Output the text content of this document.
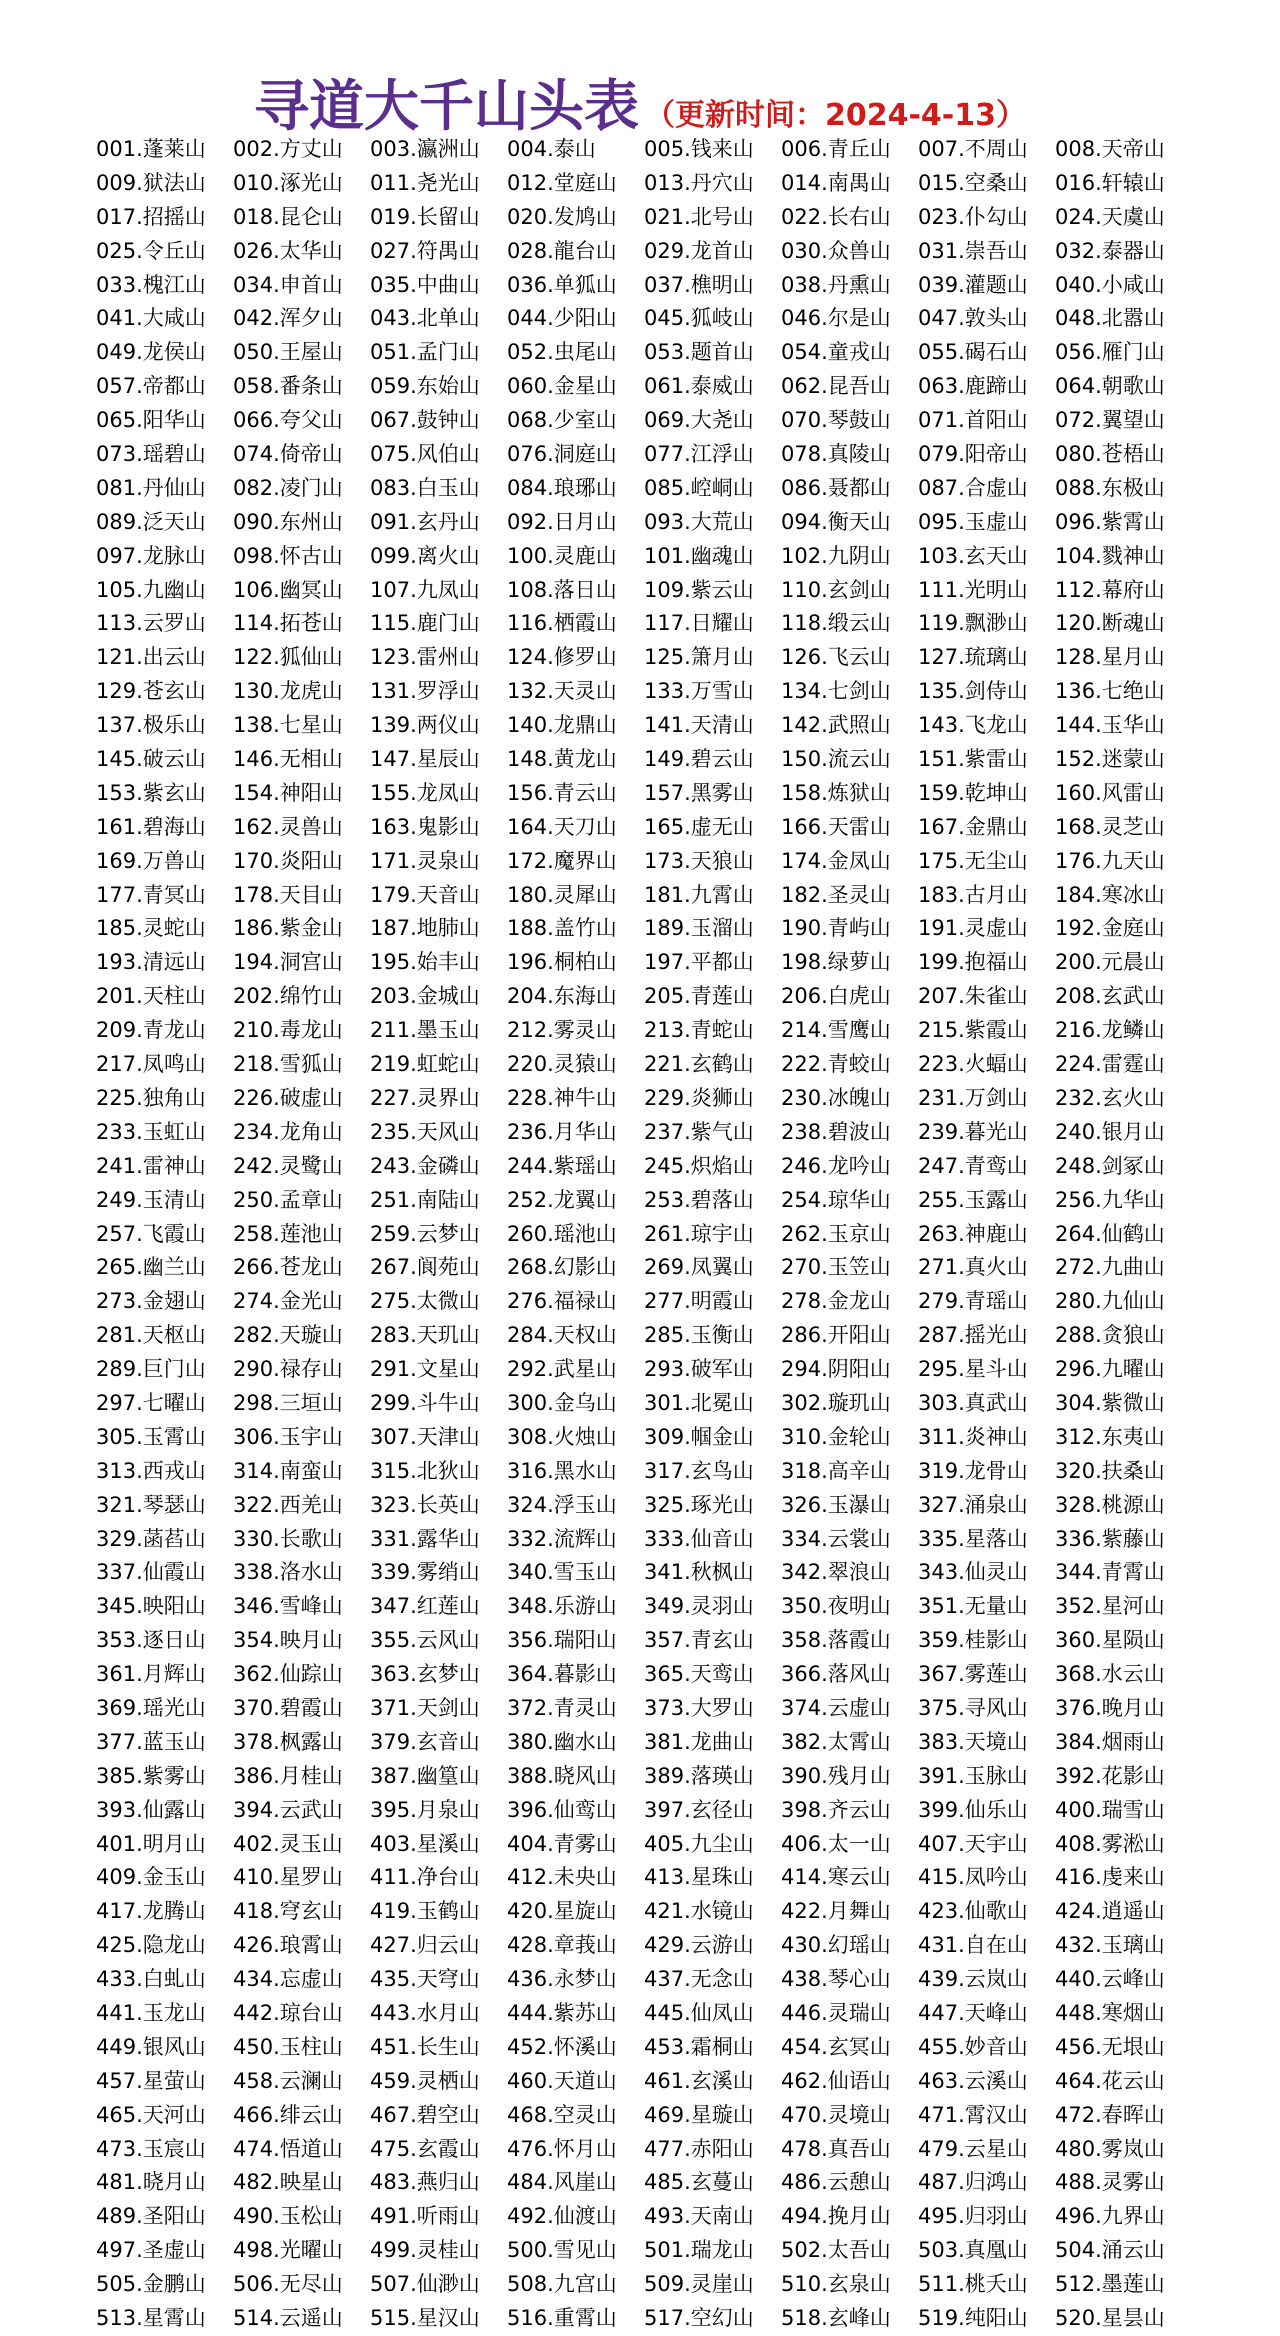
寻道大千山头表 （更新时间：2024-4-13）
001.蓬莱山	002.方丈山	003.瀛洲山	004.泰山	005.钱来山	006.青丘山	007.不周山	008.天帝山
009.狱法山	010.涿光山	011.尧光山	012.堂庭山	013.丹穴山	014.南禺山	015.空桑山	016.轩辕山
017.招摇山	018.昆仑山	019.长留山	020.发鸠山	021.北号山	022.长右山	023.仆勾山	024.天虞山
025.令丘山	026.太华山	027.符禺山	028.龍台山	029.龙首山	030.众兽山	031.崇吾山	032.泰器山
033.槐江山	034.申首山	035.中曲山	036.单狐山	037.樵明山	038.丹熏山	039.灌题山	040.小咸山
041.大咸山	042.浑夕山	043.北单山	044.少阳山	045.狐岐山	046.尔是山	047.敦头山	048.北嚣山
049.龙侯山	050.王屋山	051.孟门山	052.虫尾山	053.题首山	054.童戎山	055.碣石山	056.雁门山
057.帝都山	058.番条山	059.东始山	060.金星山	061.泰威山	062.昆吾山	063.鹿蹄山	064.朝歌山
065.阳华山	066.夸父山	067.鼓钟山	068.少室山	069.大尧山	070.琴鼓山	071.首阳山	072.翼望山
073.瑶碧山	074.倚帝山	075.风伯山	076.洞庭山	077.江浮山	078.真陵山	079.阳帝山	080.苍梧山
081.丹仙山	082.凌门山	083.白玉山	084.琅琊山	085.崆峒山	086.聂都山	087.合虚山	088.东极山
089.泛天山	090.东州山	091.玄丹山	092.日月山	093.大荒山	094.衡天山	095.玉虚山	096.紫霄山
097.龙脉山	098.怀古山	099.离火山	100.灵鹿山	101.幽魂山	102.九阴山	103.玄天山	104.戮神山
105.九幽山	106.幽冥山	107.九凤山	108.落日山	109.紫云山	110.玄剑山	111.光明山	112.幕府山
113.云罗山	114.拓苍山	115.鹿门山	116.栖霞山	117.日耀山	118.缎云山	119.飘渺山	120.断魂山
121.出云山	122.狐仙山	123.雷州山	124.修罗山	125.箫月山	126.飞云山	127.琉璃山	128.星月山
129.苍玄山	130.龙虎山	131.罗浮山	132.天灵山	133.万雪山	134.七剑山	135.剑侍山	136.七绝山
137.极乐山	138.七星山	139.两仪山	140.龙鼎山	141.天清山	142.武照山	143.飞龙山	144.玉华山
145.破云山	146.无相山	147.星辰山	148.黄龙山	149.碧云山	150.流云山	151.紫雷山	152.迷蒙山
153.紫玄山	154.神阳山	155.龙凤山	156.青云山	157.黑雾山	158.炼狱山	159.乾坤山	160.风雷山
161.碧海山	162.灵兽山	163.鬼影山	164.天刀山	165.虚无山	166.天雷山	167.金鼎山	168.灵芝山
169.万兽山	170.炎阳山	171.灵泉山	172.魔界山	173.天狼山	174.金凤山	175.无尘山	176.九天山
177.青冥山	178.天目山	179.天音山	180.灵犀山	181.九霄山	182.圣灵山	183.古月山	184.寒冰山
185.灵蛇山	186.紫金山	187.地肺山	188.盖竹山	189.玉溜山	190.青屿山	191.灵虚山	192.金庭山
193.清远山	194.洞宫山	195.始丰山	196.桐柏山	197.平都山	198.绿萝山	199.抱福山	200.元晨山
201.天柱山	202.绵竹山	203.金城山	204.东海山	205.青莲山	206.白虎山	207.朱雀山	208.玄武山
209.青龙山	210.毒龙山	211.墨玉山	212.雾灵山	213.青蛇山	214.雪鹰山	215.紫霞山	216.龙鳞山
217.凤鸣山	218.雪狐山	219.虹蛇山	220.灵猿山	221.玄鹤山	222.青蛟山	223.火蝠山	224.雷霆山
225.独角山	226.破虚山	227.灵界山	228.神牛山	229.炎狮山	230.冰魄山	231.万剑山	232.玄火山
233.玉虹山	234.龙角山	235.天风山	236.月华山	237.紫气山	238.碧波山	239.暮光山	240.银月山
241.雷神山	242.灵鹭山	243.金磷山	244.紫瑶山	245.炽焰山	246.龙吟山	247.青鸾山	248.剑冢山
249.玉清山	250.孟章山	251.南陆山	252.龙翼山	253.碧落山	254.琼华山	255.玉露山	256.九华山
257.飞霞山	258.莲池山	259.云梦山	260.瑶池山	261.琼宇山	262.玉京山	263.神鹿山	264.仙鹤山
265.幽兰山	266.苍龙山	267.阆苑山	268.幻影山	269.凤翼山	270.玉笠山	271.真火山	272.九曲山
273.金翅山	274.金光山	275.太微山	276.福禄山	277.明霞山	278.金龙山	279.青瑶山	280.九仙山
281.天枢山	282.天璇山	283.天玑山	284.天权山	285.玉衡山	286.开阳山	287.摇光山	288.贪狼山
289.巨门山	290.禄存山	291.文星山	292.武星山	293.破军山	294.阴阳山	295.星斗山	296.九曜山
297.七曜山	298.三垣山	299.斗牛山	300.金乌山	301.北冕山	302.璇玑山	303.真武山	304.紫微山
305.玉霄山	306.玉宇山	307.天津山	308.火烛山	309.帼金山	310.金轮山	311.炎神山	312.东夷山
313.西戎山	314.南蛮山	315.北狄山	316.黑水山	317.玄鸟山	318.高辛山	319.龙骨山	320.扶桑山
321.琴瑟山	322.西羌山	323.长英山	324.浮玉山	325.琢光山	326.玉瀑山	327.涌泉山	328.桃源山
329.菡萏山	330.长歌山	331.露华山	332.流辉山	333.仙音山	334.云裳山	335.星落山	336.紫藤山
337.仙霞山	338.洛水山	339.雾绡山	340.雪玉山	341.秋枫山	342.翠浪山	343.仙灵山	344.青霄山
345.映阳山	346.雪峰山	347.红莲山	348.乐游山	349.灵羽山	350.夜明山	351.无量山	352.星河山
353.逐日山	354.映月山	355.云风山	356.瑞阳山	357.青玄山	358.落霞山	359.桂影山	360.星陨山
361.月辉山	362.仙踪山	363.玄梦山	364.暮影山	365.天鸾山	366.落风山	367.雾莲山	368.水云山
369.瑶光山	370.碧霞山	371.天剑山	372.青灵山	373.大罗山	374.云虚山	375.寻风山	376.晚月山
377.蓝玉山	378.枫露山	379.玄音山	380.幽水山	381.龙曲山	382.太霄山	383.天境山	384.烟雨山
385.紫雾山	386.月桂山	387.幽篁山	388.晓风山	389.落瑛山	390.残月山	391.玉脉山	392.花影山
393.仙露山	394.云武山	395.月泉山	396.仙鸾山	397.玄径山	398.齐云山	399.仙乐山	400.瑞雪山
401.明月山	402.灵玉山	403.星溪山	404.青雾山	405.九尘山	406.太一山	407.天宇山	408.雾淞山
409.金玉山	410.星罗山	411.净台山	412.未央山	413.星珠山	414.寒云山	415.凤吟山	416.虔来山
417.龙腾山	418.穹玄山	419.玉鹤山	420.星旋山	421.水镜山	422.月舞山	423.仙歌山	424.逍遥山
425.隐龙山	426.琅霄山	427.归云山	428.章莪山	429.云游山	430.幻瑶山	431.自在山	432.玉璃山
433.白虬山	434.忘虚山	435.天穹山	436.永梦山	437.无念山	438.琴心山	439.云岚山	440.云峰山
441.玉龙山	442.琼台山	443.水月山	444.紫苏山	445.仙凤山	446.灵瑞山	447.天峰山	448.寒烟山
449.银风山	450.玉柱山	451.长生山	452.怀溪山	453.霜桐山	454.玄冥山	455.妙音山	456.无垠山
457.星萤山	458.云澜山	459.灵栖山	460.天道山	461.玄溪山	462.仙语山	463.云溪山	464.花云山
465.天河山	466.绯云山	467.碧空山	468.空灵山	469.星璇山	470.灵境山	471.霄汉山	472.春晖山
473.玉宸山	474.悟道山	475.玄霞山	476.怀月山	477.赤阳山	478.真吾山	479.云星山	480.雾岚山
481.晓月山	482.映星山	483.燕归山	484.风崖山	485.玄蔓山	486.云憩山	487.归鸿山	488.灵雾山
489.圣阳山	490.玉松山	491.听雨山	492.仙渡山	493.天南山	494.挽月山	495.归羽山	496.九界山
497.圣虚山	498.光曜山	499.灵桂山	500.雪见山	501.瑞龙山	502.太吾山	503.真凰山	504.涌云山
505.金鹏山	506.无尽山	507.仙渺山	508.九宫山	509.灵崖山	510.玄泉山	511.桃夭山	512.墨莲山
513.星霄山	514.云遥山	515.星汉山	516.重霄山	517.空幻山	518.玄峰山	519.纯阳山	520.星昙山
